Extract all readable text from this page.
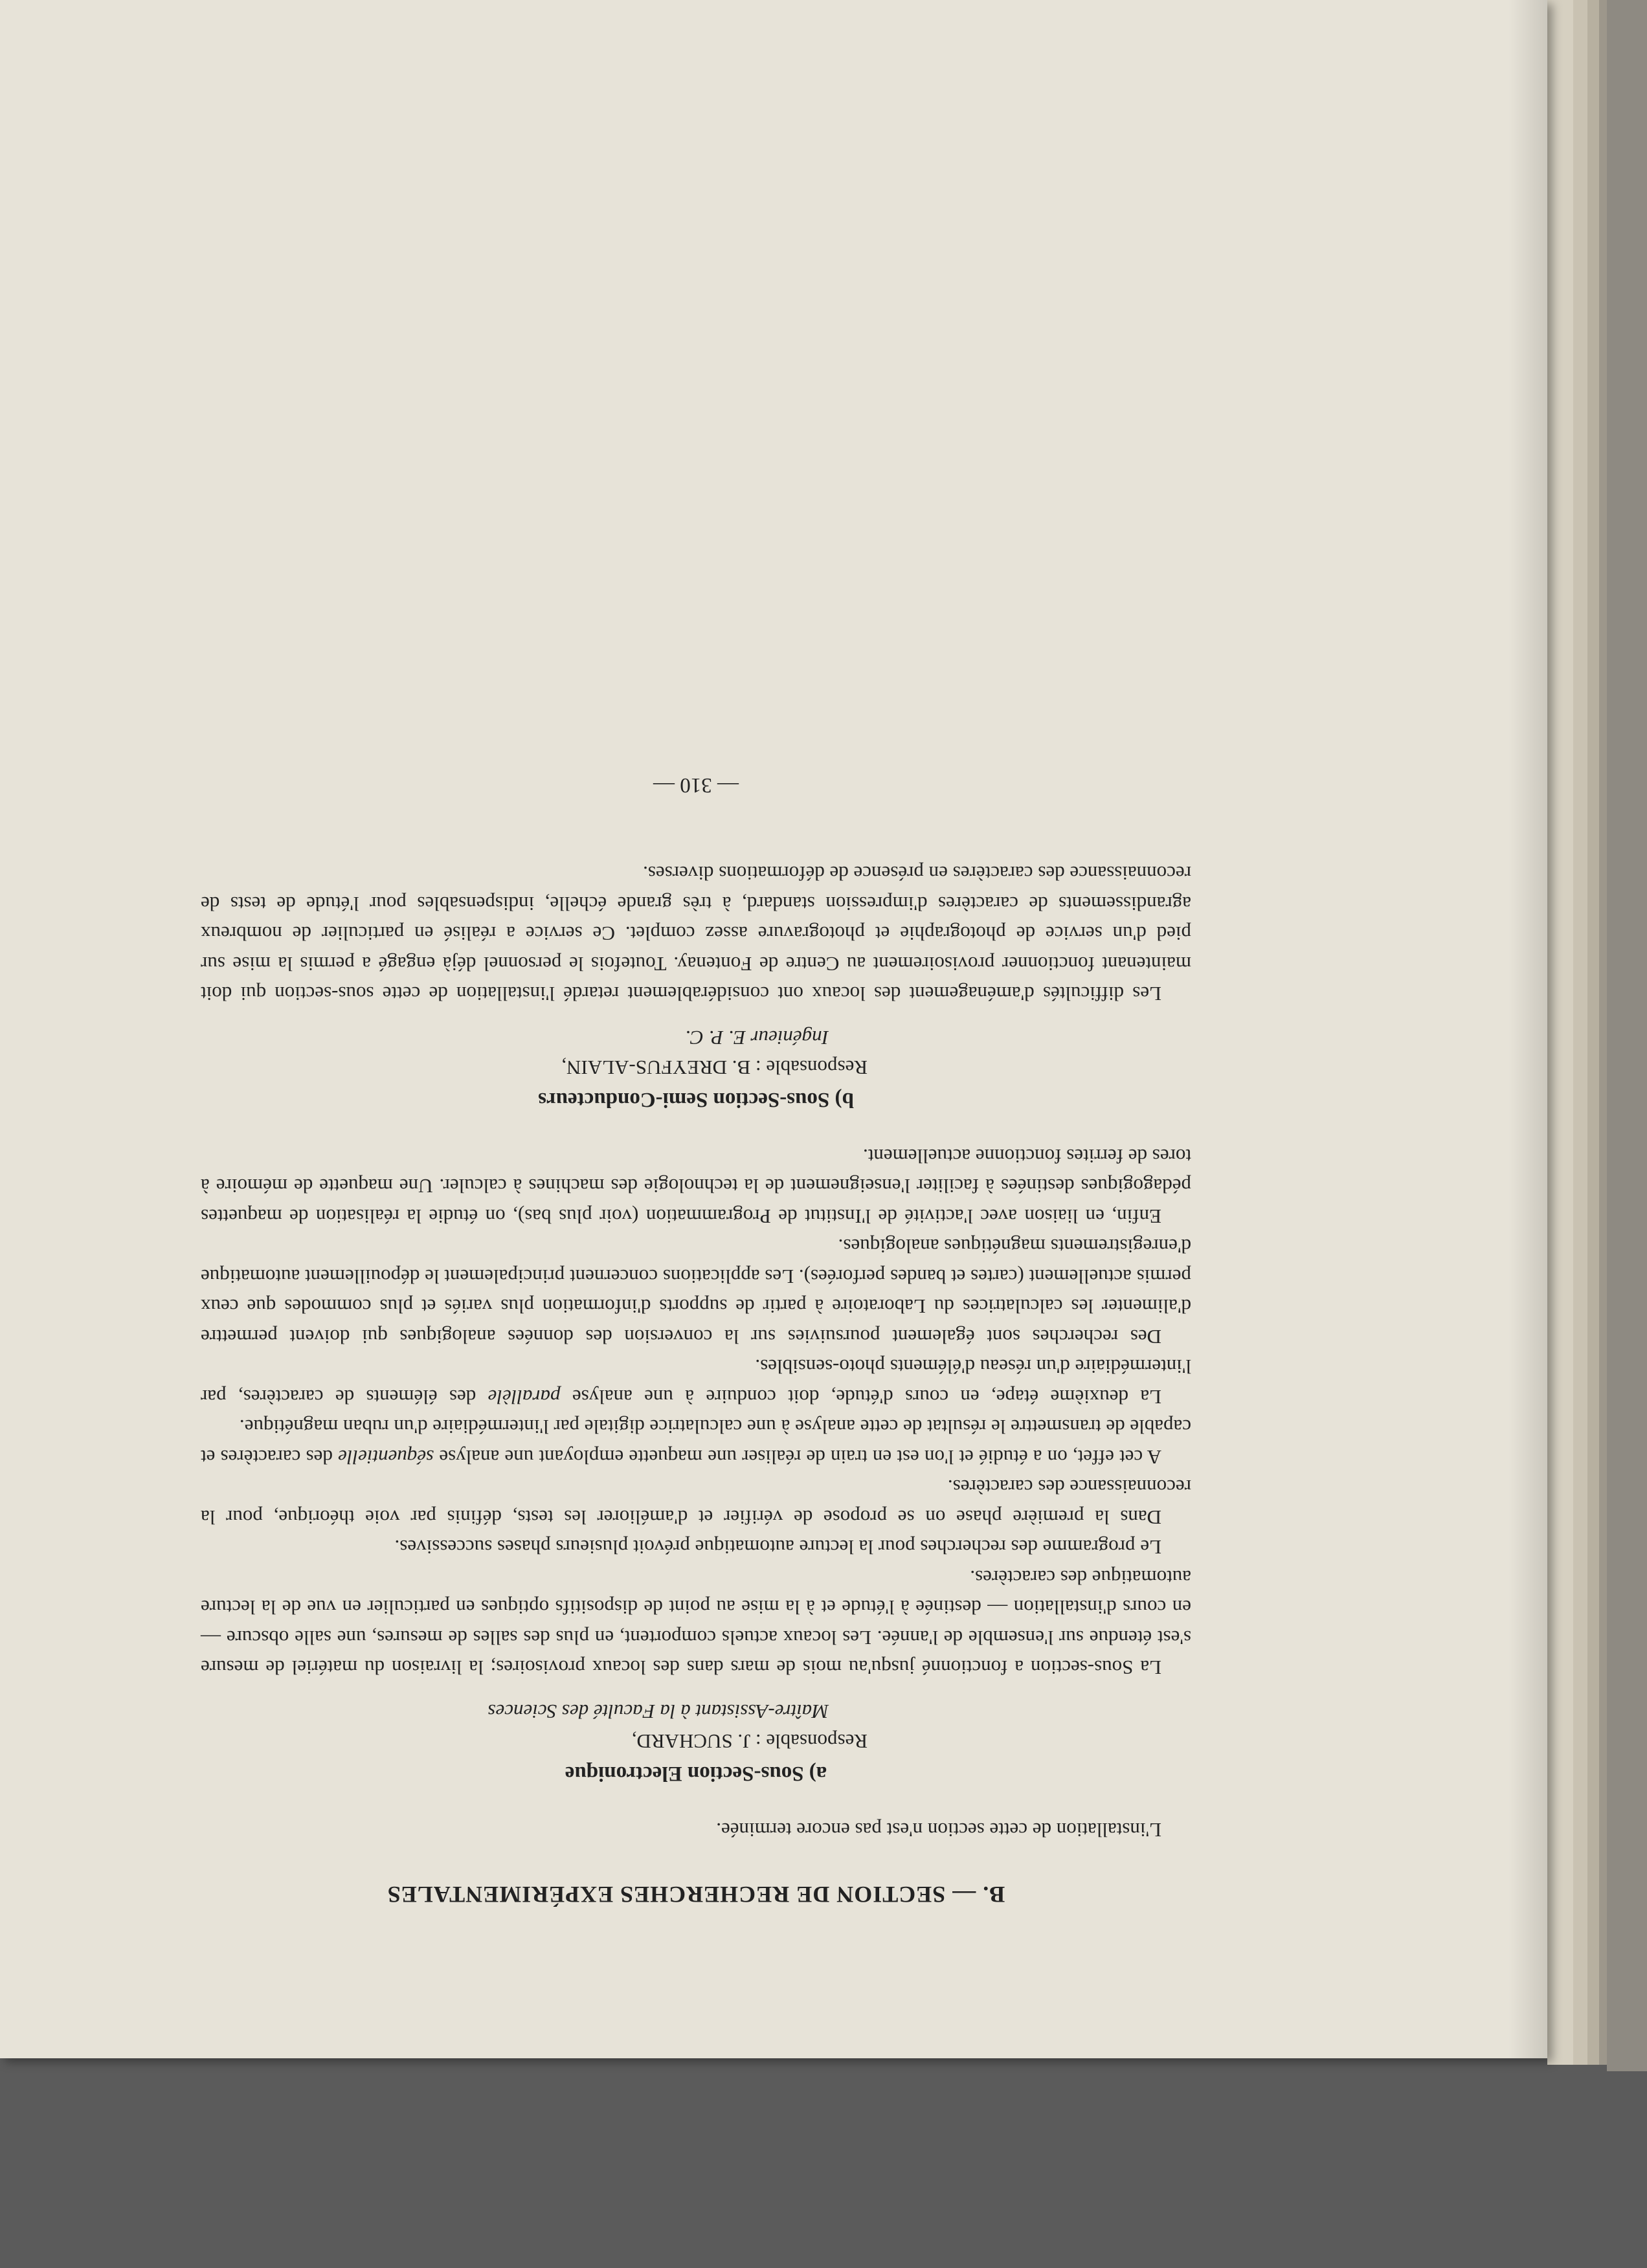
B. — SECTION DE RECHERCHES EXPÉRIMENTALES

L'installation de cette section n'est pas encore terminée.

a) Sous-Section Electronique
Responsable : J. SUCHARD,
Maître-Assistant à la Faculté des Sciences

La Sous-section a fonctionné jusqu'au mois de mars dans des locaux provisoires; la livraison du matériel de mesure s'est étendue sur l'ensemble de l'année. Les locaux actuels comportent, en plus des salles de mesures, une salle obscure — en cours d'installation — destinée à l'étude et à la mise au point de dispositifs optiques en particulier en vue de la lecture automatique des caractères.

Le programme des recherches pour la lecture automatique prévoit plusieurs phases successives.

Dans la première phase on se propose de vérifier et d'améliorer les tests, définis par voie théorique, pour la reconnaissance des caractères.

A cet effet, on a étudié et l'on est en train de réaliser une maquette employant une analyse séquentielle des caractères et capable de transmettre le résultat de cette analyse à une calculatrice digitale par l'intermédiaire d'un ruban magnétique.

La deuxième étape, en cours d'étude, doit conduire à une analyse parallèle des éléments de caractères, par l'intermédiaire d'un réseau d'éléments photo-sensibles.

Des recherches sont également poursuivies sur la conversion des données analogiques qui doivent permettre d'alimenter les calculatrices du Laboratoire à partir de supports d'information plus variés et plus commodes que ceux permis actuellement (cartes et bandes perforées). Les applications concernent principalement le dépouillement automatique d'enregistrements magnétiques analogiques.

Enfin, en liaison avec l'activité de l'Institut de Programmation (voir plus bas), on étudie la réalisation de maquettes pédagogiques destinées à faciliter l'enseignement de la technologie des machines à calculer. Une maquette de mémoire à tores de ferrites fonctionne actuellement.

b) Sous-Section Semi-Conducteurs
Responsable : B. DREYFUS-ALAIN,
Ingénieur E. P. C.

Les difficultés d'aménagement des locaux ont considérablement retardé l'installation de cette sous-section qui doit maintenant fonctionner provisoirement au Centre de Fontenay. Toutefois le personnel déjà engagé a permis la mise sur pied d'un service de photographie et photogravure assez complet. Ce service a réalisé en particulier de nombreux agrandissements de caractères d'impression standard, à très grande échelle, indispensables pour l'étude de tests de reconnaissance des caractères en présence de déformations diverses.

— 310 —
